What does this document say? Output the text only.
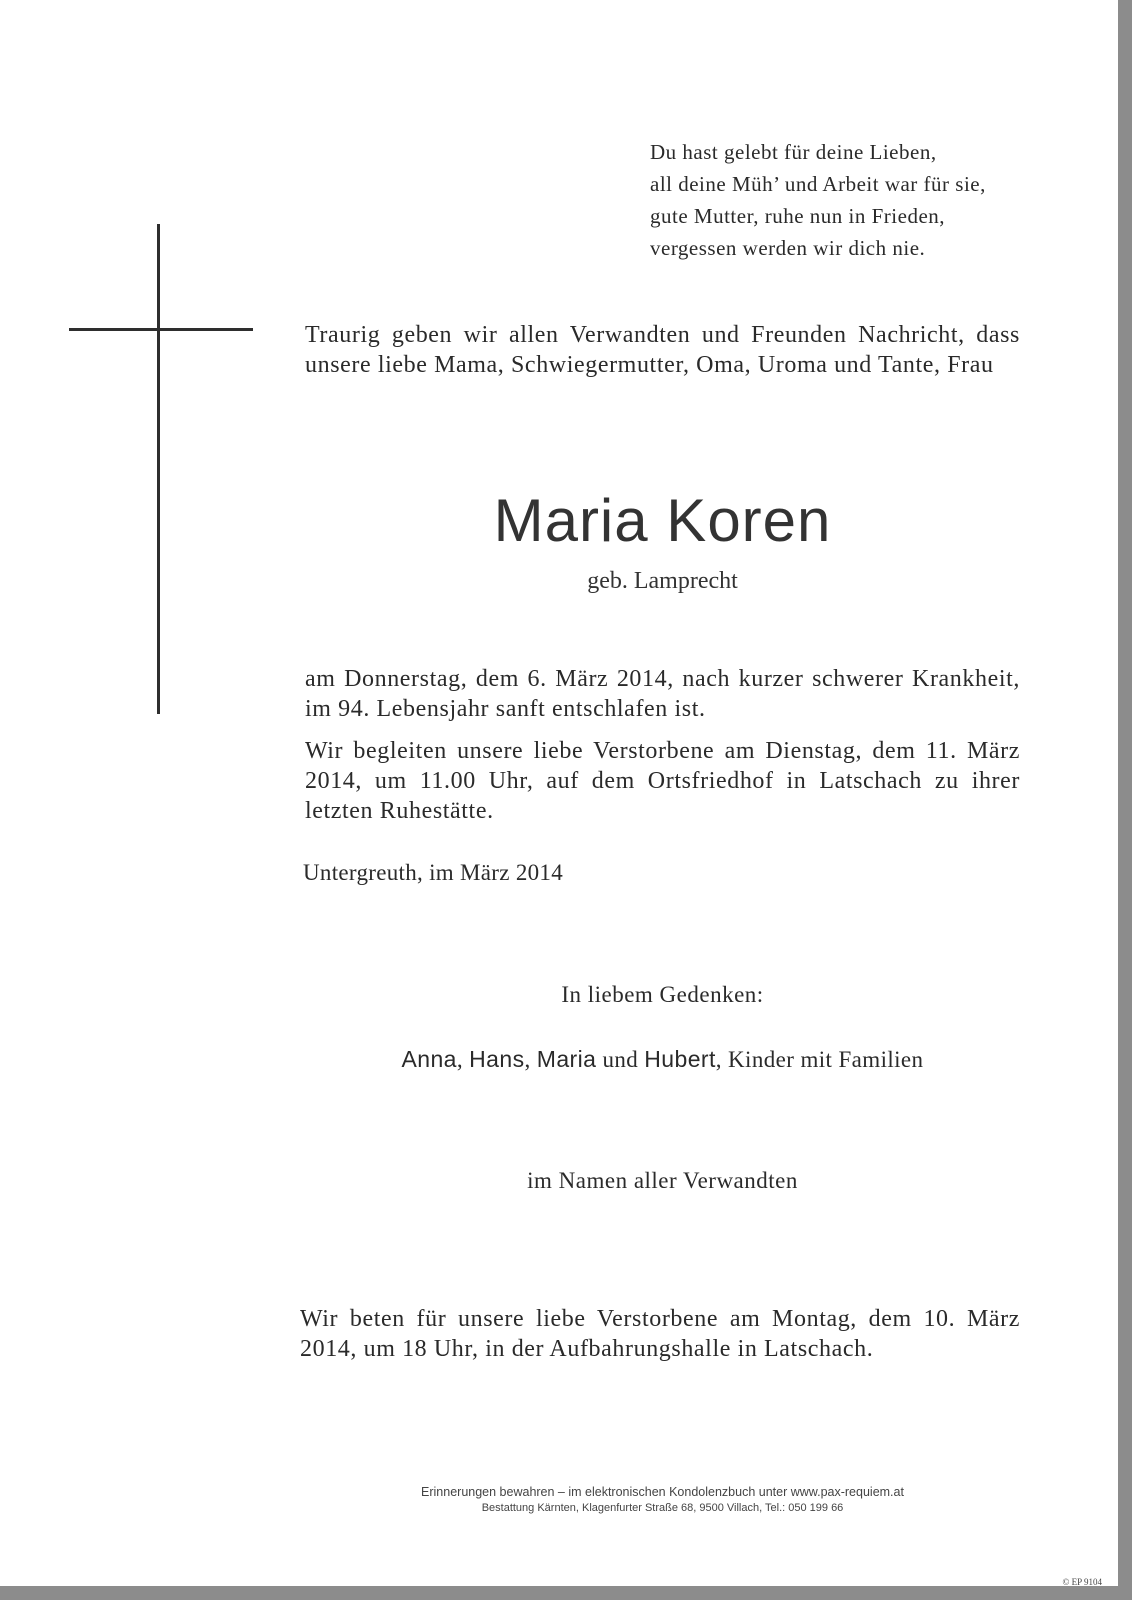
Du hast gelebt für deine Lieben,
all deine Müh’ und Arbeit war für sie,
gute Mutter, ruhe nun in Frieden,
vergessen werden wir dich nie.
Traurig geben wir allen Verwandten und Freunden Nachricht, dass unsere liebe Mama, Schwiegermutter, Oma, Uroma und Tante, Frau
Maria Koren
geb. Lamprecht
am Donnerstag, dem 6. März 2014, nach kurzer schwerer Krankheit, im 94. Lebensjahr sanft entschlafen ist.
Wir begleiten unsere liebe Verstorbene am Dienstag, dem 11. März 2014, um 11.00 Uhr, auf dem Ortsfriedhof in Latschach zu ihrer letzten Ruhestätte.
Untergreuth, im März 2014
In liebem Gedenken:
Anna, Hans, Maria und Hubert, Kinder mit Familien
im Namen aller Verwandten
Wir beten für unsere liebe Verstorbene am Montag, dem 10. März 2014, um 18 Uhr, in der Aufbahrungshalle in Latschach.
Erinnerungen bewahren – im elektronischen Kondolenzbuch unter www.pax-requiem.at
Bestattung Kärnten, Klagenfurter Straße 68, 9500 Villach, Tel.: 050 199 66
© EP 9104
